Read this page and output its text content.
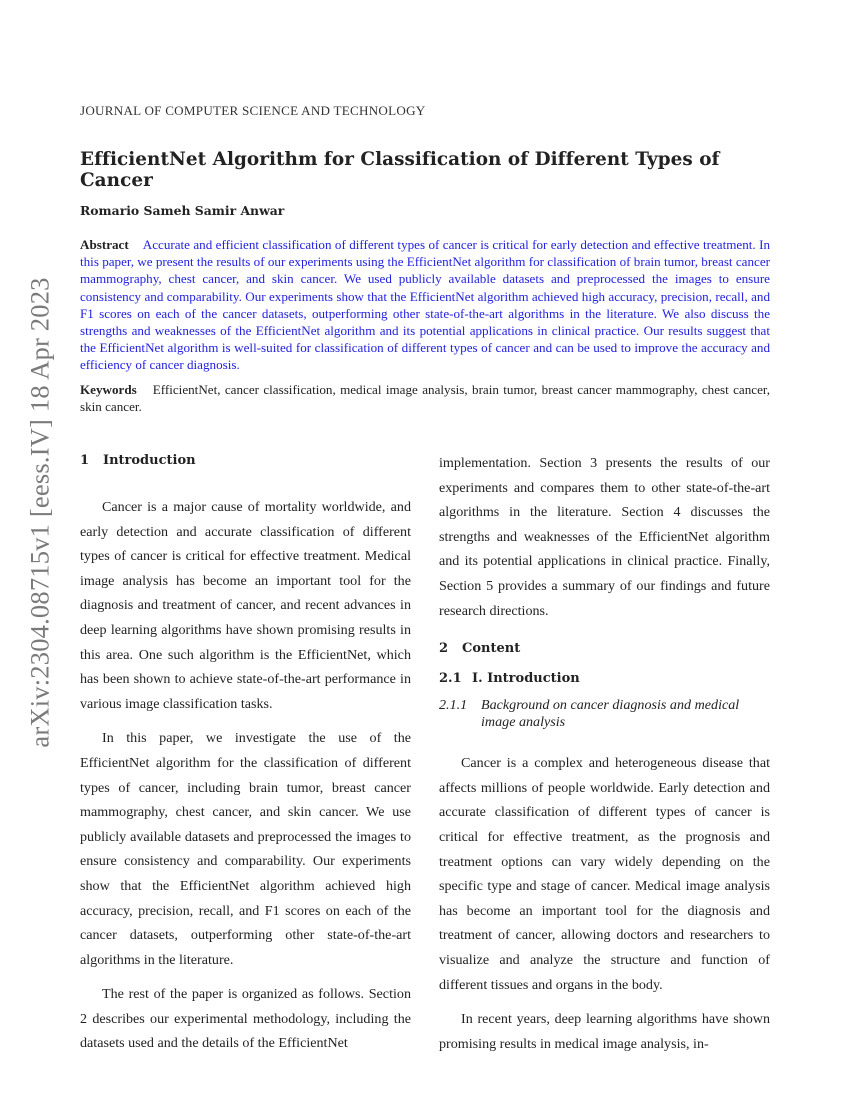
arXiv:2304.08715v1 [eess.IV] 18 Apr 2023
JOURNAL OF COMPUTER SCIENCE AND TECHNOLOGY
EfficientNet Algorithm for Classification of Different Types of Cancer
Romario Sameh Samir Anwar
Abstract Accurate and efficient classification of different types of cancer is critical for early detection and effective treatment. In this paper, we present the results of our experiments using the EfficientNet algorithm for classification of brain tumor, breast cancer mammography, chest cancer, and skin cancer. We used publicly available datasets and preprocessed the images to ensure consistency and comparability. Our experiments show that the EfficientNet algorithm achieved high accuracy, precision, recall, and F1 scores on each of the cancer datasets, outperforming other state-of-the-art algorithms in the literature. We also discuss the strengths and weaknesses of the EfficientNet algorithm and its potential applications in clinical practice. Our results suggest that the EfficientNet algorithm is well-suited for classification of different types of cancer and can be used to improve the accuracy and efficiency of cancer diagnosis.
Keywords EfficientNet, cancer classification, medical image analysis, brain tumor, breast cancer mammography, chest cancer, skin cancer.
1 Introduction

Cancer is a major cause of mortality worldwide, and early detection and accurate classification of different types of cancer is critical for effective treatment. Medical image analysis has become an important tool for the diagnosis and treatment of cancer, and recent advances in deep learning algorithms have shown promising results in this area. One such algorithm is the EfficientNet, which has been shown to achieve state-of-the-art performance in various image classification tasks.

In this paper, we investigate the use of the EfficientNet algorithm for the classification of different types of cancer, including brain tumor, breast cancer mammography, chest cancer, and skin cancer. We use publicly available datasets and preprocessed the images to ensure consistency and comparability. Our experiments show that the EfficientNet algorithm achieved high accuracy, precision, recall, and F1 scores on each of the cancer datasets, outperforming other state-of-the-art algorithms in the literature.

The rest of the paper is organized as follows. Section 2 describes our experimental methodology, including the datasets used and the details of the EfficientNet

implementation. Section 3 presents the results of our experiments and compares them to other state-of-the-art algorithms in the literature. Section 4 discusses the strengths and weaknesses of the EfficientNet algorithm and its potential applications in clinical practice. Finally, Section 5 provides a summary of our findings and future research directions.

2 Content
2.1 I. Introduction
2.1.1 Background on cancer diagnosis and medical image analysis

Cancer is a complex and heterogeneous disease that affects millions of people worldwide. Early detection and accurate classification of different types of cancer is critical for effective treatment, as the prognosis and treatment options can vary widely depending on the specific type and stage of cancer. Medical image analysis has become an important tool for the diagnosis and treatment of cancer, allowing doctors and researchers to visualize and analyze the structure and function of different tissues and organs in the body.

In recent years, deep learning algorithms have shown promising results in medical image analysis, in-
